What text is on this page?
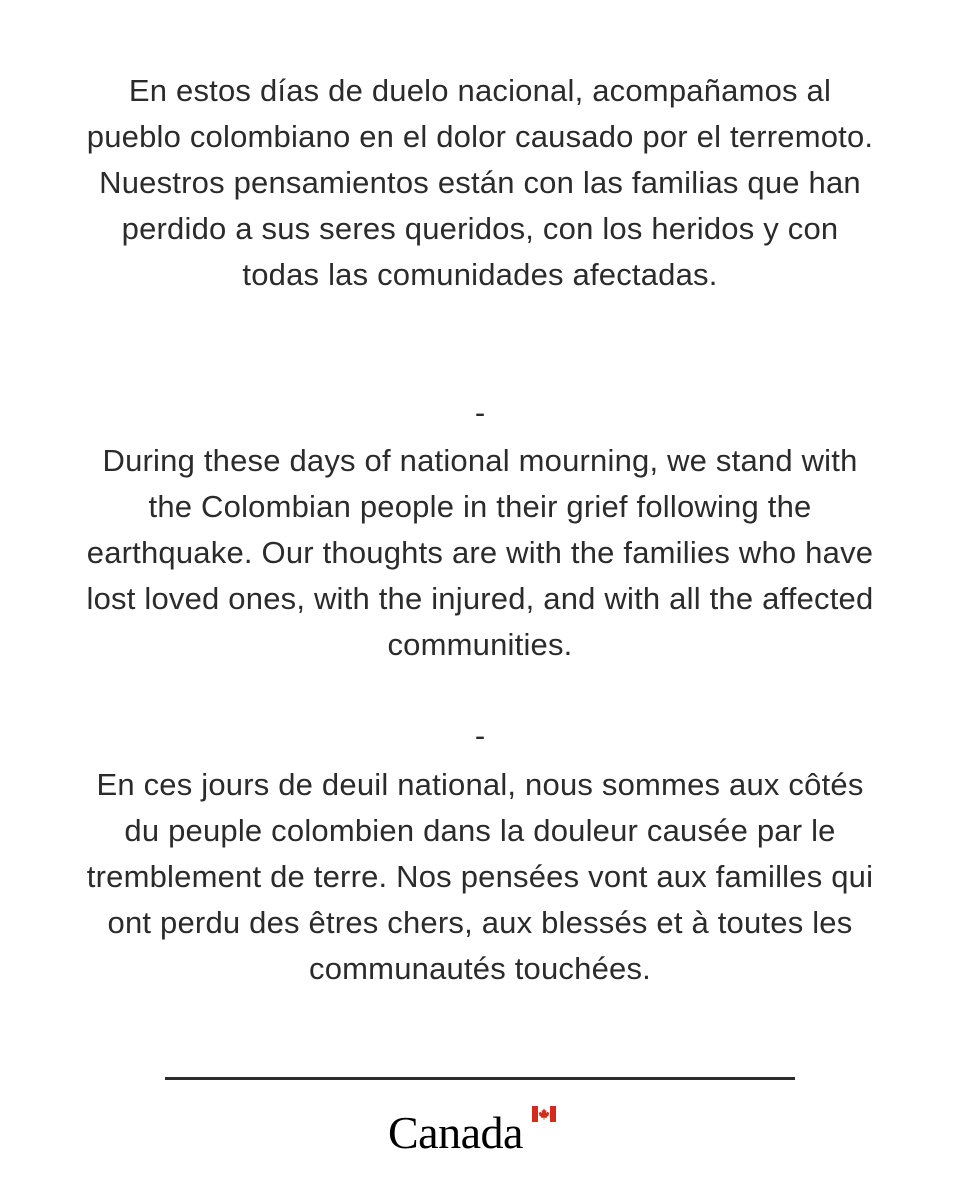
En estos días de duelo nacional, acompañamos al pueblo colombiano en el dolor causado por el terremoto. Nuestros pensamientos están con las familias que han perdido a sus seres queridos, con los heridos y con todas las comunidades afectadas.

-

During these days of national mourning, we stand with the Colombian people in their grief following the earthquake. Our thoughts are with the families who have lost loved ones, with the injured, and with all the affected communities.

-

En ces jours de deuil national, nous sommes aux côtés du peuple colombien dans la douleur causée par le tremblement de terre. Nos pensées vont aux familles qui ont perdu des êtres chers, aux blessés et à toutes les communautés touchées.

Canada
